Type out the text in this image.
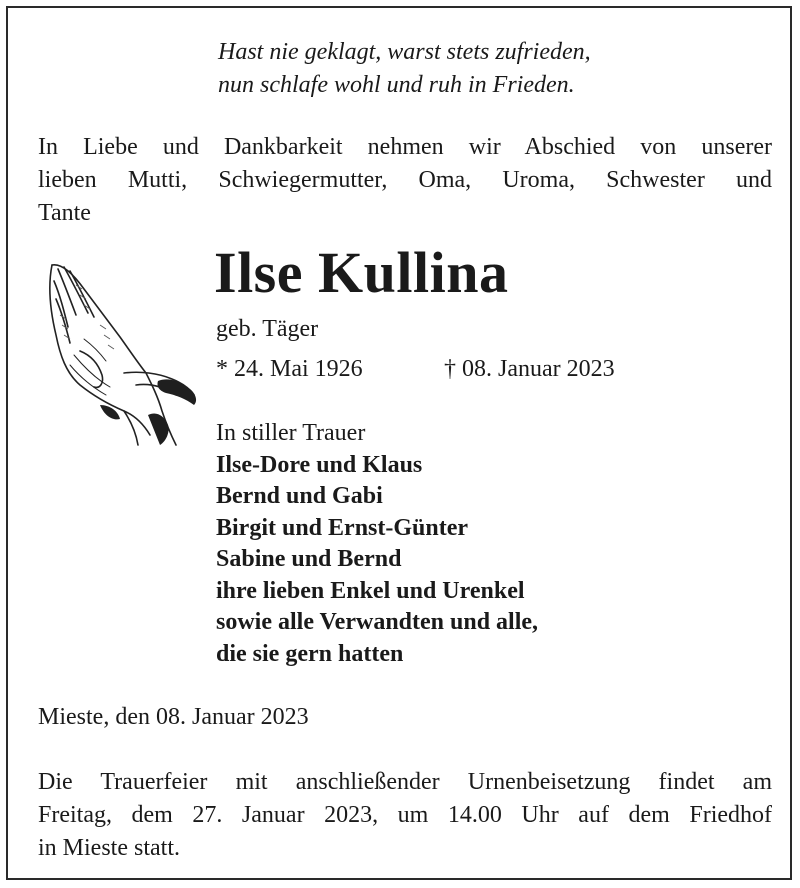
Hast nie geklagt, warst stets zufrieden,
nun schlafe wohl und ruh in Frieden.
In Liebe und Dankbarkeit nehmen wir Abschied von unserer
lieben Mutti, Schwiegermutter, Oma, Uroma, Schwester und
Tante
Ilse Kullina
geb. Täger
* 24. Mai 1926	† 08. Januar 2023
In stiller Trauer
Ilse-Dore und Klaus
Bernd und Gabi
Birgit und Ernst-Günter
Sabine und Bernd
ihre lieben Enkel und Urenkel
sowie alle Verwandten und alle,
die sie gern hatten
Mieste, den 08. Januar 2023
Die Trauerfeier mit anschließender Urnenbeisetzung findet am
Freitag, dem 27. Januar 2023, um 14.00 Uhr auf dem Friedhof
in Mieste statt.
